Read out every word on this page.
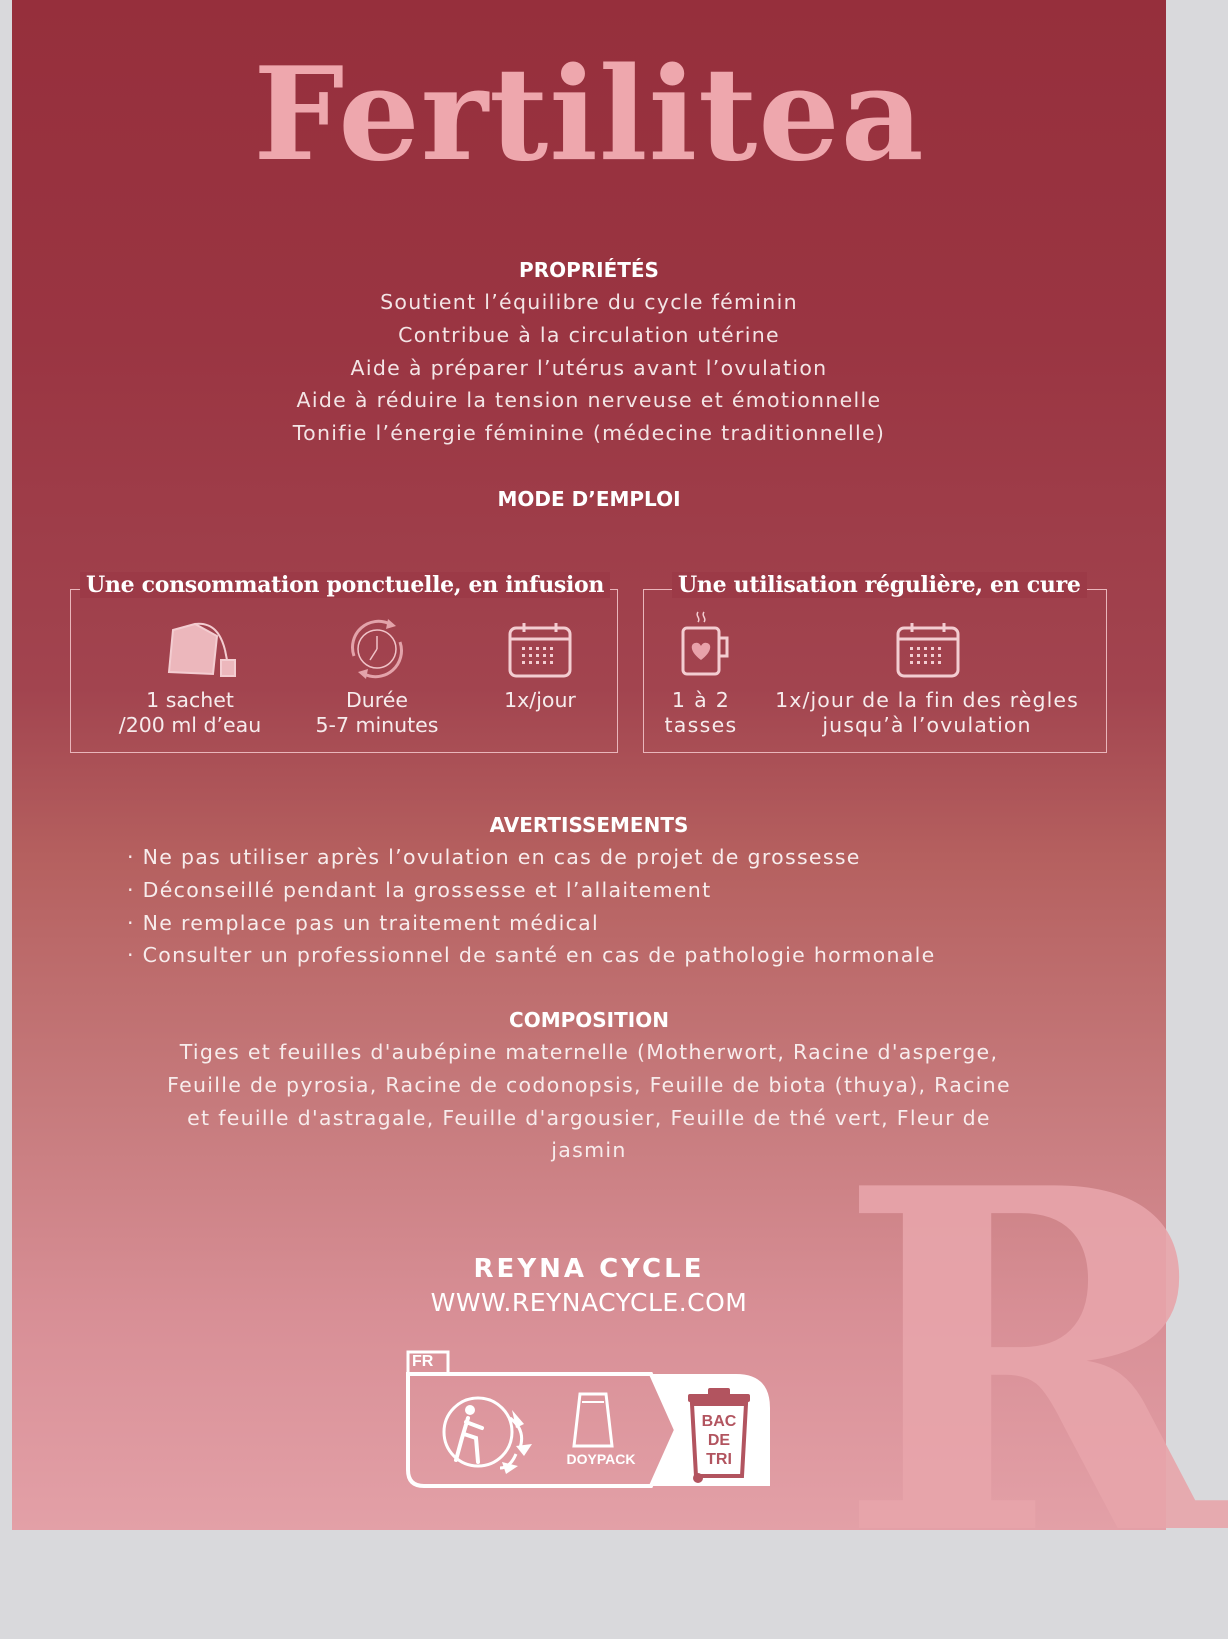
R
Fertilitea
PROPRIÉTÉS
Soutient l’équilibre du cycle féminin
Contribue à la circulation utérine
Aide à préparer l’utérus avant l’ovulation
Aide à réduire la tension nerveuse et émotionnelle
Tonifie l’énergie féminine (médecine traditionnelle)
MODE D’EMPLOI
Une consommation ponctuelle, en infusion	Une utilisation régulière, en cure
1 sachet
/200 ml d’eau
Durée
5-7 minutes
1x/jour	1 à 2
tasses
1x/jour de la fin des règles
jusqu’à l’ovulation
AVERTISSEMENTS
· Ne pas utiliser après l’ovulation en cas de projet de grossesse
· Déconseillé pendant la grossesse et l’allaitement
· Ne remplace pas un traitement médical
· Consulter un professionnel de santé en cas de pathologie hormonale
COMPOSITION
Tiges et feuilles d'aubépine maternelle (Motherwort, Racine d'asperge,
Feuille de pyrosia, Racine de codonopsis, Feuille de biota (thuya), Racine
et feuille d'astragale, Feuille d'argousier, Feuille de thé vert, Fleur de
jasmin
REYNA CYCLE
WWW.REYNACYCLE.COM
FR
DOYPACK
BAC
DE
TRI
